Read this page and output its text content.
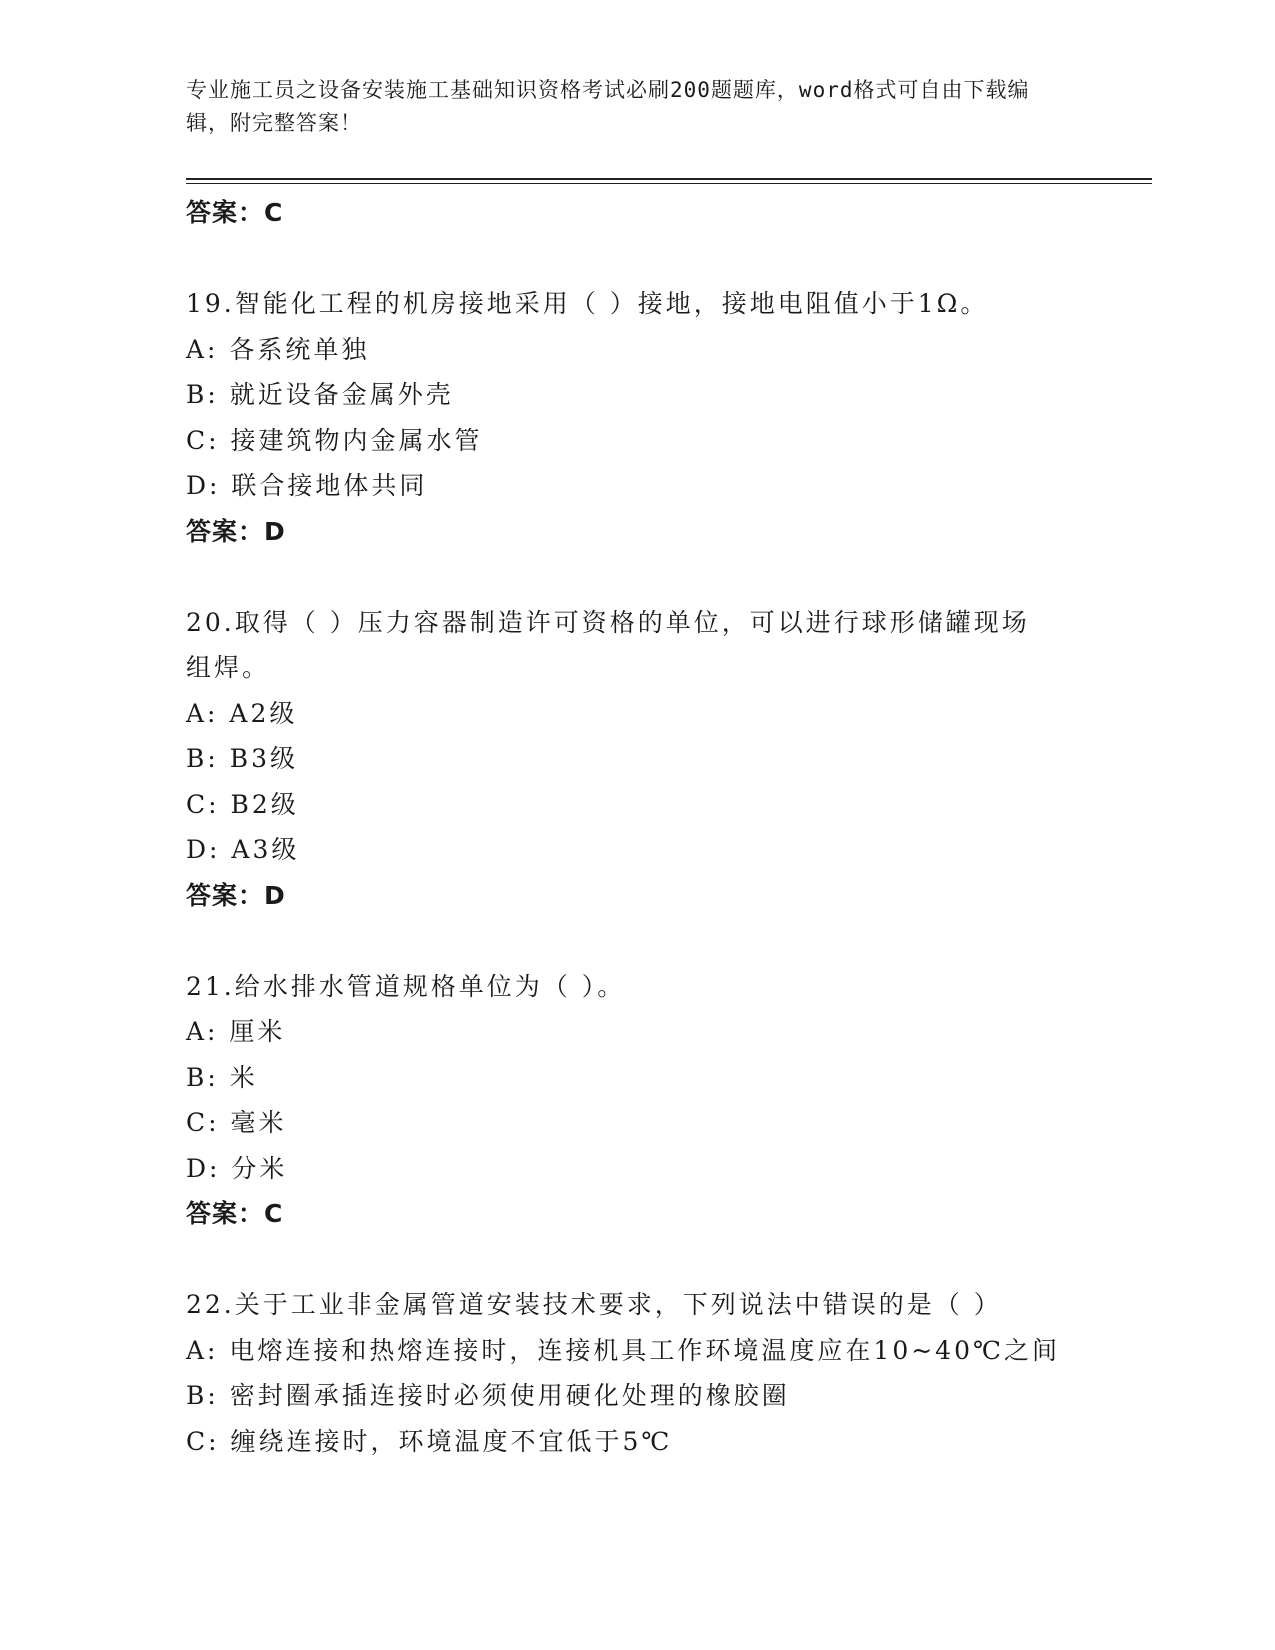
专业施工员之设备安装施工基础知识资格考试必刷200题题库，word格式可自由下载编辑，附完整答案！
答案：C
19.智能化工程的机房接地采用（ ）接地，接地电阻值小于1Ω。
A: 各系统单独
B: 就近设备金属外壳
C: 接建筑物内金属水管
D: 联合接地体共同
答案：D
20.取得（ ）压力容器制造许可资格的单位，可以进行球形储罐现场
组焊。
A: A2级
B: B3级
C: B2级
D: A3级
答案：D
21.给水排水管道规格单位为（ ）。
A: 厘米
B: 米
C: 毫米
D: 分米
答案：C
22.关于工业非金属管道安装技术要求，下列说法中错误的是（ ）
A: 电熔连接和热熔连接时，连接机具工作环境温度应在10~40℃之间
B: 密封圈承插连接时必须使用硬化处理的橡胶圈
C: 缠绕连接时，环境温度不宜低于5℃
